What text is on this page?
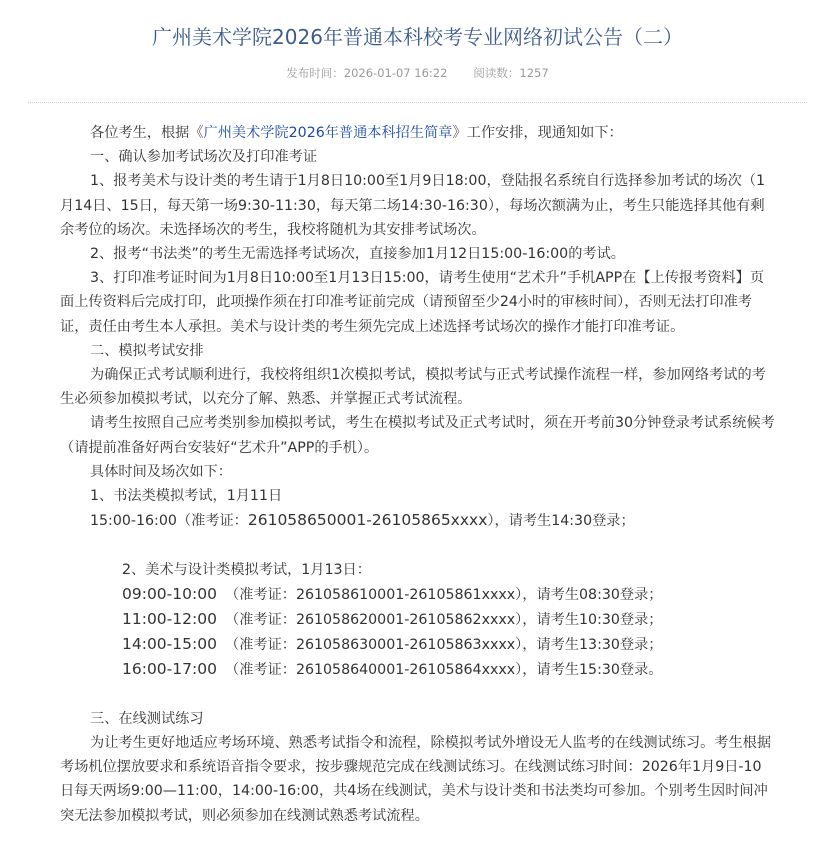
广州美术学院2026年普通本科校考专业网络初试公告（二）
发布时间：2026-01-07 16:22 阅读数：1257

各位考生，根据《广州美术学院2026年普通本科招生简章》工作安排，现通知如下：

一、确认参加考试场次及打印准考证

1、报考美术与设计类的考生请于1月8日10:00至1月9日18:00，登陆报名系统自行选择参加考试的场次（1月14日、15日，每天第一场9:30-11:30，每天第二场14:30-16:30），每场次额满为止，考生只能选择其他有剩余考位的场次。未选择场次的考生，我校将随机为其安排考试场次。

2、报考“书法类”的考生无需选择考试场次，直接参加1月12日15:00-16:00的考试。

3、打印准考证时间为1月8日10:00至1月13日15:00，请考生使用“艺术升”手机APP在【上传报考资料】页面上传资料后完成打印，此项操作须在打印准考证前完成（请预留至少24小时的审核时间），否则无法打印准考证，责任由考生本人承担。美术与设计类的考生须先完成上述选择考试场次的操作才能打印准考证。

二、模拟考试安排

为确保正式考试顺利进行，我校将组织1次模拟考试，模拟考试与正式考试操作流程一样，参加网络考试的考生必须参加模拟考试，以充分了解、熟悉、并掌握正式考试流程。

请考生按照自己应考类别参加模拟考试，考生在模拟考试及正式考试时，须在开考前30分钟登录考试系统候考（请提前准备好两台安装好“艺术升”APP的手机）。

具体时间及场次如下：

1、书法类模拟考试，1月11日

15:00-16:00（准考证：261058650001-26105865xxxx），请考生14:30登录；

2、美术与设计类模拟考试，1月13日：

09:00-10:00 （准考证：261058610001-26105861xxxx），请考生08:30登录；

11:00-12:00 （准考证：261058620001-26105862xxxx），请考生10:30登录；

14:00-15:00 （准考证：261058630001-26105863xxxx），请考生13:30登录；

16:00-17:00 （准考证：261058640001-26105864xxxx），请考生15:30登录。

三、在线测试练习

为让考生更好地适应考场环境、熟悉考试指令和流程，除模拟考试外增设无人监考的在线测试练习。考生根据考场机位摆放要求和系统语音指令要求，按步骤规范完成在线测试练习。在线测试练习时间：2026年1月9日-10日每天两场9:00—11:00，14:00-16:00，共4场在线测试，美术与设计类和书法类均可参加。个别考生因时间冲突无法参加模拟考试，则必须参加在线测试熟悉考试流程。
